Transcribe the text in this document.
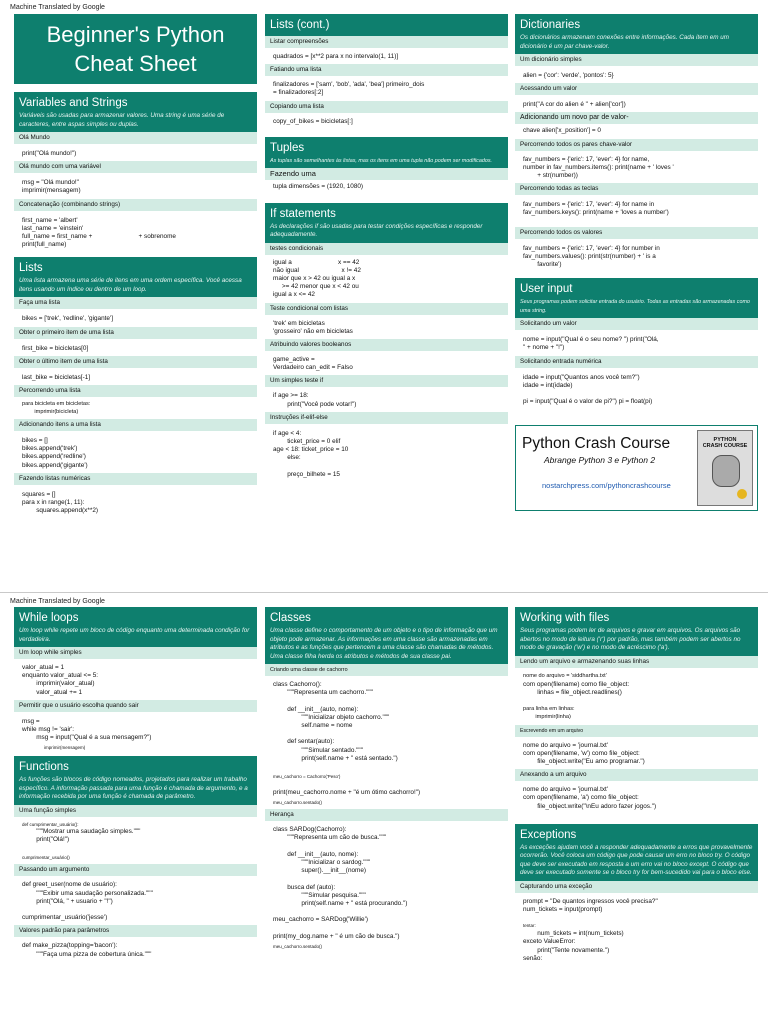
Machine Translated by Google
Beginner's Python
Cheat Sheet
Variables and Strings
Variáveis são usadas para armazenar valores. Uma string é uma série de caracteres, entre aspas simples ou duplas.
Olá Mundo
print("Olá mundo!")
Olá mundo com uma variável
msg = "Olá mundo!"
imprimir(mensagem)
Concatenação (combinando strings)
first_name = 'albert'
last_name = 'einstein'
full_name = first_name +                          + sobrenome
print(full_name)
Lists
Uma lista armazena uma série de itens em uma ordem específica. Você acessa itens usando um índice ou dentro de um loop.
Faça uma lista
bikes = ['trek', 'redline', 'gigante']
Obter o primeiro item de uma lista
first_bike = bicicletas[0]
Obter o último item de uma lista
last_bike = bicicletas[-1]
Percorrendo uma lista
para bicicleta em bicicletas:
imprimir(bicicleta)
Adicionando itens a uma lista
bikes = []
bikes.append('trek')
bikes.append('redline')
bikes.append('gigante')
Fazendo listas numéricas
squares = []
para x in range(1, 11):
squares.append(x**2)
Lists (cont.)
Listar compreensões
quadrados = [x**2 para x no intervalo(1, 11)]
Fatiando uma lista
finalizadores = ['sam', 'bob', 'ada', 'bea'] primeiro_dois
= finalizadores[:2]
Copiando uma lista
copy_of_bikes = bicicletas[:]
Tuples
As tuplas são semelhantes às listas, mas os itens em uma tupla não podem ser modificados.
Fazendo uma
tupla dimensões = (1920, 1080)
If statements
As declarações if são usadas para testar condições específicas e responder adequadamente.
testes condicionais
igual a                          x == 42
não igual                        x != 42
maior que x > 42 ou igual a x
>= 42 menor que x < 42 ou
igual a x <= 42
Teste condicional com listas
'trek' em bicicletas
'grosseiro' não em bicicletas
Atribuindo valores booleanos
game_active =
Verdadeiro can_edit = Falso
Um simples teste if
if age >= 18:
print("Você pode votar!")
Instruções if-elif-else
if age < 4:
ticket_price = 0 elif
age < 18: ticket_price = 10
else:

preço_bilhete = 15
Dictionaries
Os dicionários armazenam conexões entre informações. Cada item em um dicionário é um par chave-valor.
Um dicionário simples
alien = {'cor': 'verde', 'pontos': 5}
Acessando um valor
print("A cor do alien é " + alien['cor'])
Adicionando um novo par de valor-
chave alien['x_position'] = 0
Percorrendo todos os pares chave-valor
fav_numbers = {'eric': 17, 'ever': 4} for name,
number in fav_numbers.items(): print(name + ' loves '
+ str(number))
Percorrendo todas as teclas
fav_numbers = {'eric': 17, 'ever': 4} for name in
fav_numbers.keys(): print(name + 'loves a number')
Percorrendo todos os valores
fav_numbers = {'eric': 17, 'ever': 4} for number in
fav_numbers.values(): print(str(number) + ' is a
favorite')
User input
Seus programas podem solicitar entrada do usuário. Todas as entradas são armazenadas como uma string.
Solicitando um valor
nome = input("Qual é o seu nome? ") print("Olá,
" + nome + "!")
Solicitando entrada numérica
idade = input("Quantos anos você tem?")
idade = int(idade)

pi = input("Qual é o valor de pi?") pi = float(pi)
Python Crash Course
Abrange Python 3 e Python 2
nostarchpress.com/pythoncrashcourse
PYTHON
CRASH COURSE
Machine Translated by Google
While loops
Um loop while repete um bloco de código enquanto uma determinada condição for verdadeira.
Um loop while simples
valor_atual = 1
enquanto valor_atual <= 5:
imprimir(valor_atual)
valor_atual += 1
Permitir que o usuário escolha quando sair
msg =
while msg != 'sair':
msg = input("Qual é a sua mensagem?")
imprimir(mensagem)
Functions
As funções são blocos de código nomeados, projetados para realizar um trabalho específico. A informação passada para uma função é chamada de argumento, e a informação recebida por uma função é chamada de parâmetro.
Uma função simples
def cumprimentar_usuário():
"""Mostrar uma saudação simples."""
print("Olá!")
cumprimentar_usuário()
Passando um argumento
def greet_user(nome de usuário):
"""Exibir uma saudação personalizada."""
print("Olá, " + usuario + "!")

cumprimentar_usuário('jesse')
Valores padrão para parâmetros
def make_pizza(topping='bacon'):
"""Faça uma pizza de cobertura única."""
Classes
Uma classe define o comportamento de um objeto e o tipo de informação que um objeto pode armazenar. As informações em uma classe são armazenadas em atributos e as funções que pertencem a uma classe são chamadas de métodos. Uma classe filha herda os atributos e métodos de sua classe pai.
Criando uma classe de cachorro
class Cachorro():
"""Representa um cachorro."""

def __init__(auto, nome):
"""Inicializar objeto cachorro."""
self.name = nome

def sentar(auto):
"""Simular sentado."""
print(self.name + " está sentado.")
meu_cachorro = Cachorro('Peso')
print(meu_cachorro.nome + "é um ótimo cachorro!")
meu_cachorro.sentado()
Herança
class SARDog(Cachorro):
"""Representa um cão de busca."""

def __init__(auto, nome):
"""Inicializar o sardog."""
super().__init__(nome)

busca def (auto):
"""Simular pesquisa."""
print(self.name + " está procurando.")

meu_cachorro = SARDog('Willie')

print(my_dog.name + " é um cão de busca.")
meu_cachorro.sentado()
Working with files
Seus programas podem ler de arquivos e gravar em arquivos. Os arquivos são abertos no modo de leitura ('r') por padrão, mas também podem ser abertos no modo de gravação ('w') e no modo de acréscimo ('a').
Lendo um arquivo e armazenando suas linhas
nome do arquivo = 'siddhartha.txt'
com open(filename) como file_object:
linhas = file_object.readlines()
para linha em linhas:
imprimir(linha)
Escrevendo em um arquivo
nome do arquivo = 'journal.txt'
com open(filename, 'w') como file_object:
file_object.write("Eu amo programar.")
Anexando a um arquivo
nome do arquivo = 'journal.txt'
com open(filename, 'a') como file_object:
file_object.write("\nEu adoro fazer jogos.")
Exceptions
As exceções ajudam você a responder adequadamente a erros que provavelmente ocorrerão. Você coloca um código que pode causar um erro no bloco try. O código que deve ser executado em resposta a um erro vai no bloco except. O código que deve ser executado somente se o bloco try for bem-sucedido vai para o bloco else.
Capturando uma exceção
prompt = "De quantos ingressos você precisa?"
num_tickets = input(prompt)
tentar:
num_tickets = int(num_tickets)
exceto ValueError:
print("Tente novamente.")
senão:
